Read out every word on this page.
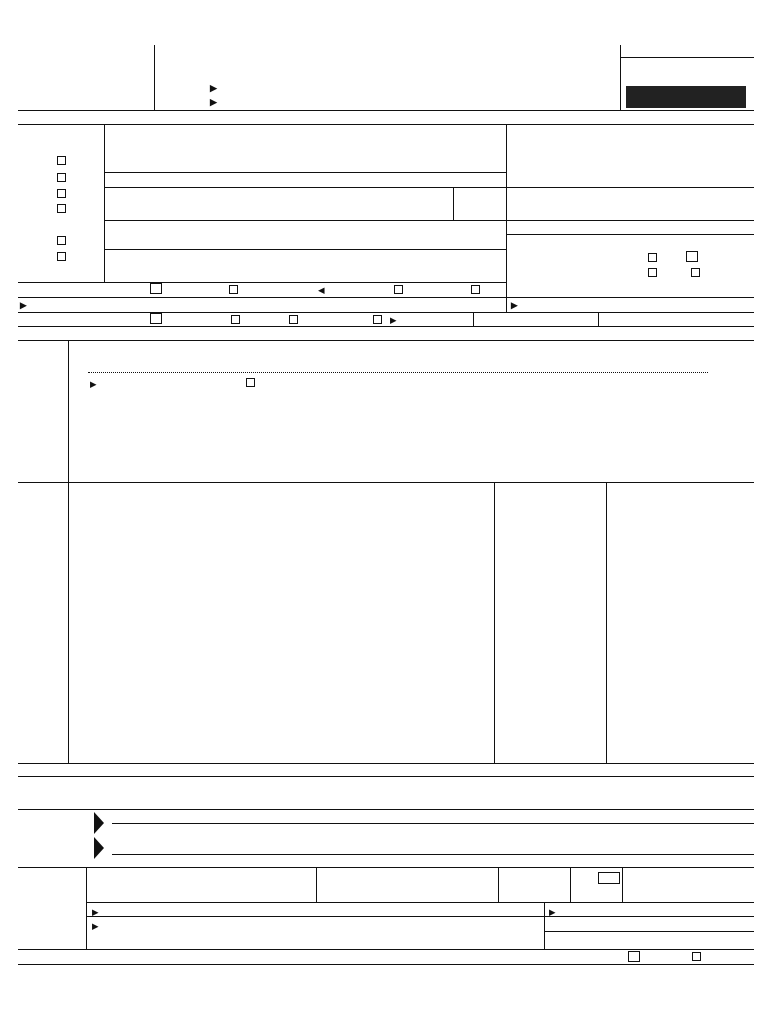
▶
▶
◀
▶	▶
▶
▶
▶	▶
▶
